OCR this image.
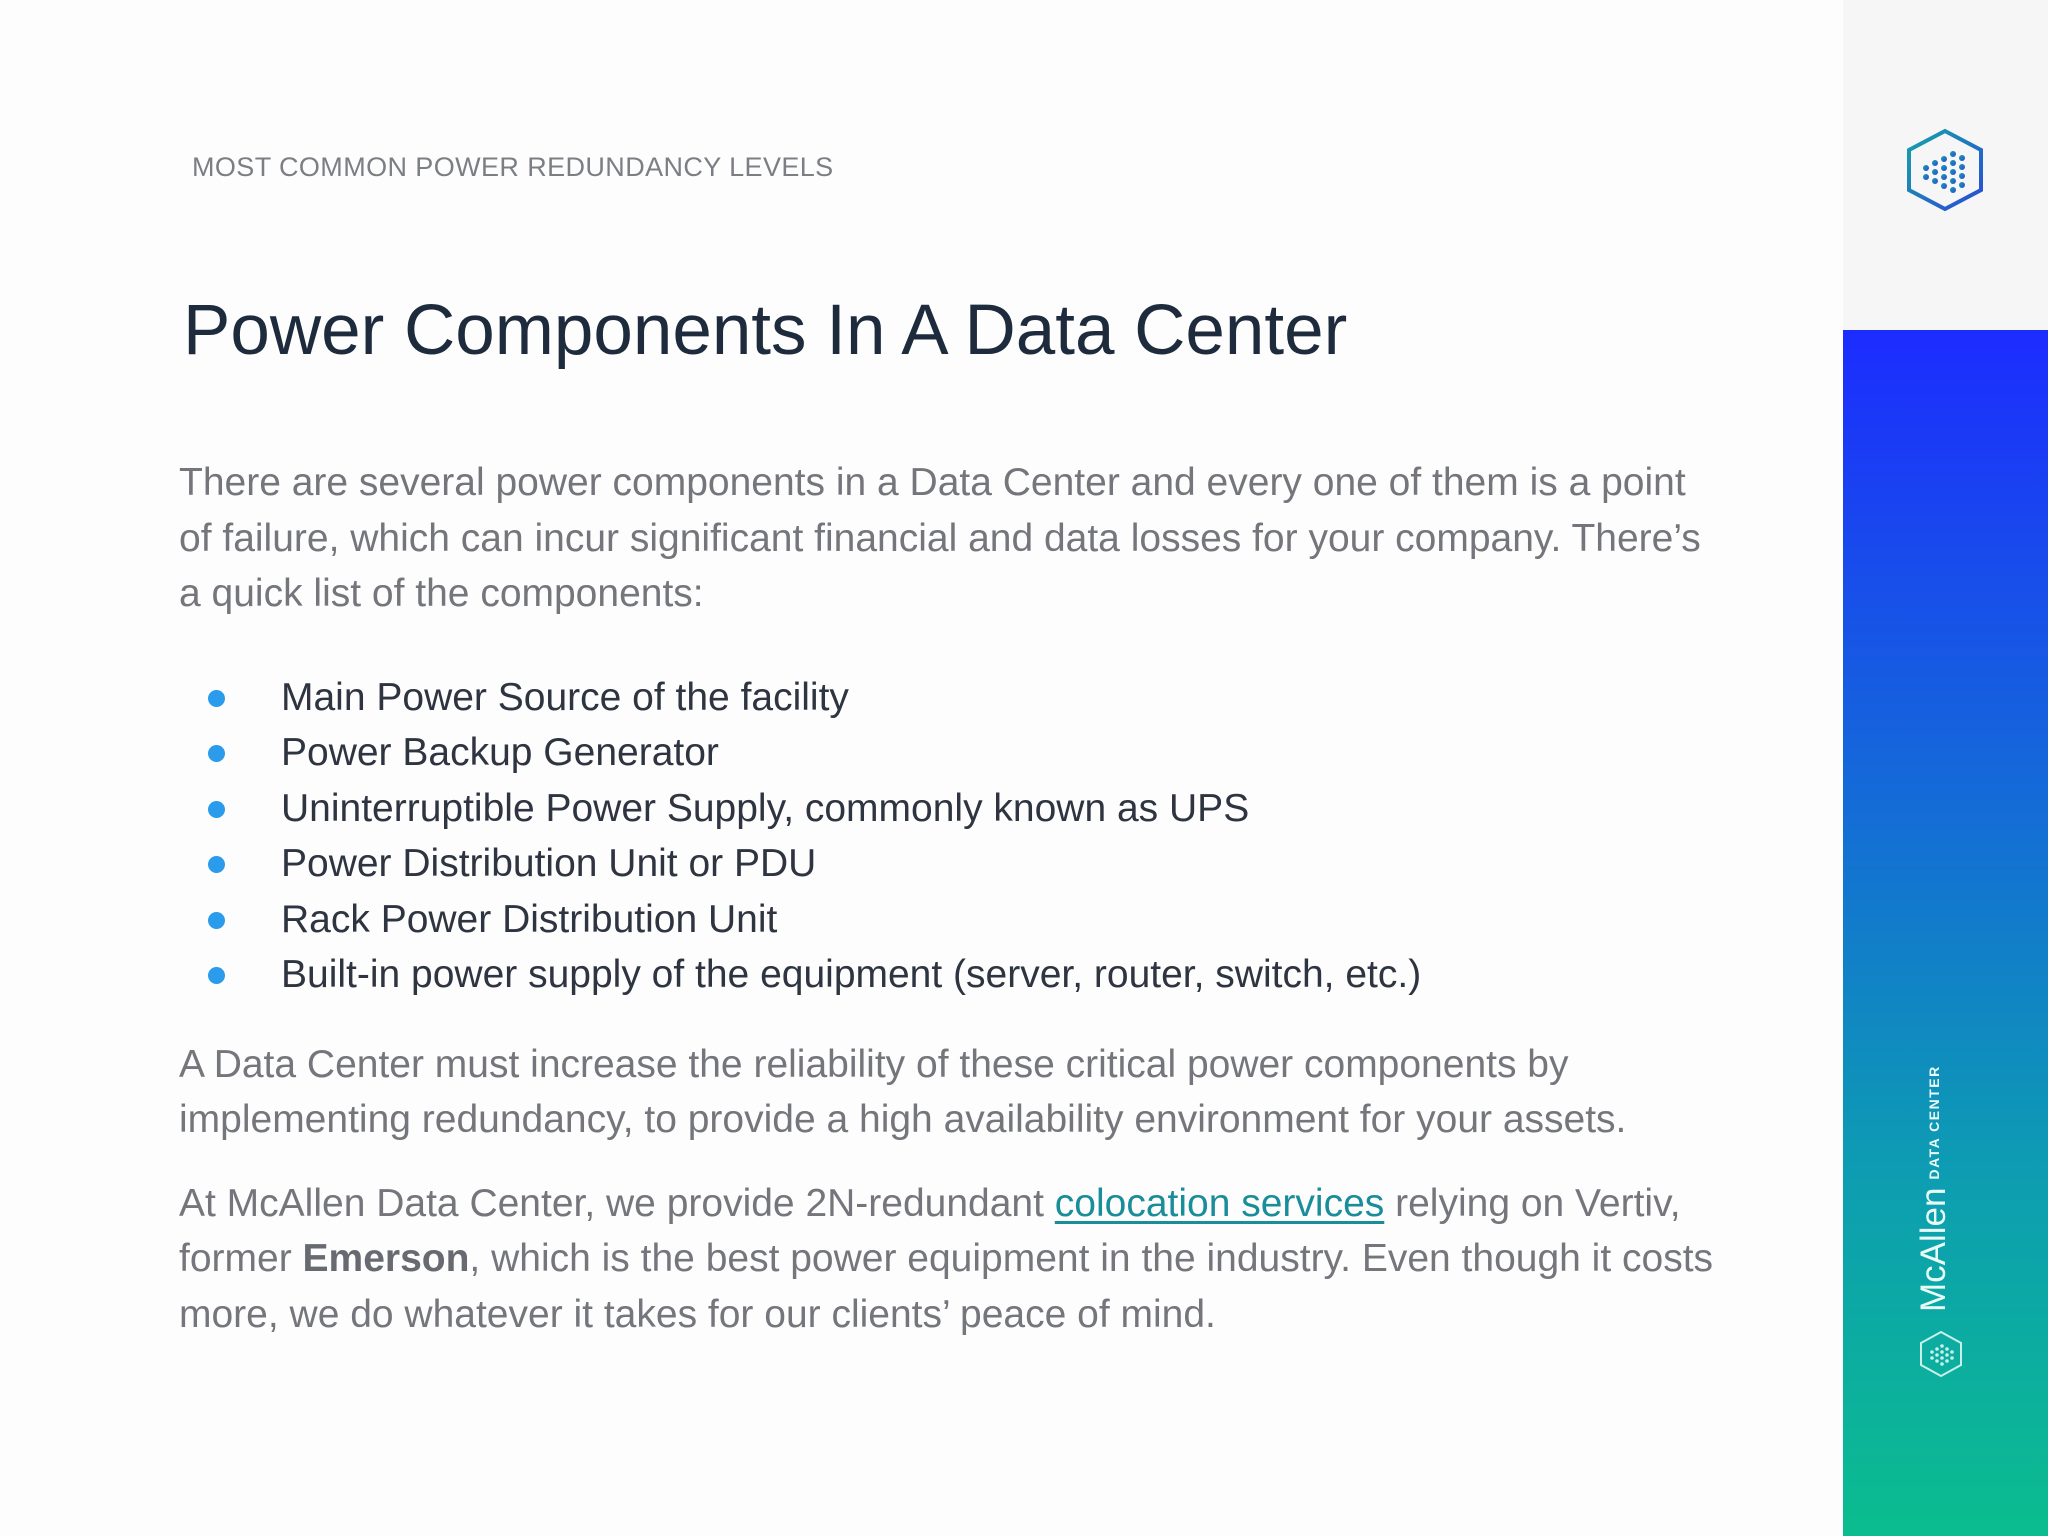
MOST COMMON POWER REDUNDANCY LEVELS
Power Components In A Data Center

There are several power components in a Data Center and every one of them is a point of failure, which can incur significant financial and data losses for your company. There’s a quick list of the components:

Main Power Source of the facility
Power Backup Generator
Uninterruptible Power Supply, commonly known as UPS
Power Distribution Unit or PDU
Rack Power Distribution Unit
Built-in power supply of the equipment (server, router, switch, etc.)

A Data Center must increase the reliability of these critical power components by implementing redundancy, to provide a high availability environment for your assets.

At McAllen Data Center, we provide 2N-redundant colocation services relying on Vertiv, former Emerson, which is the best power equipment in the industry. Even though it costs more, we do whatever it takes for our clients’ peace of mind.

McAllenDATA CENTER
